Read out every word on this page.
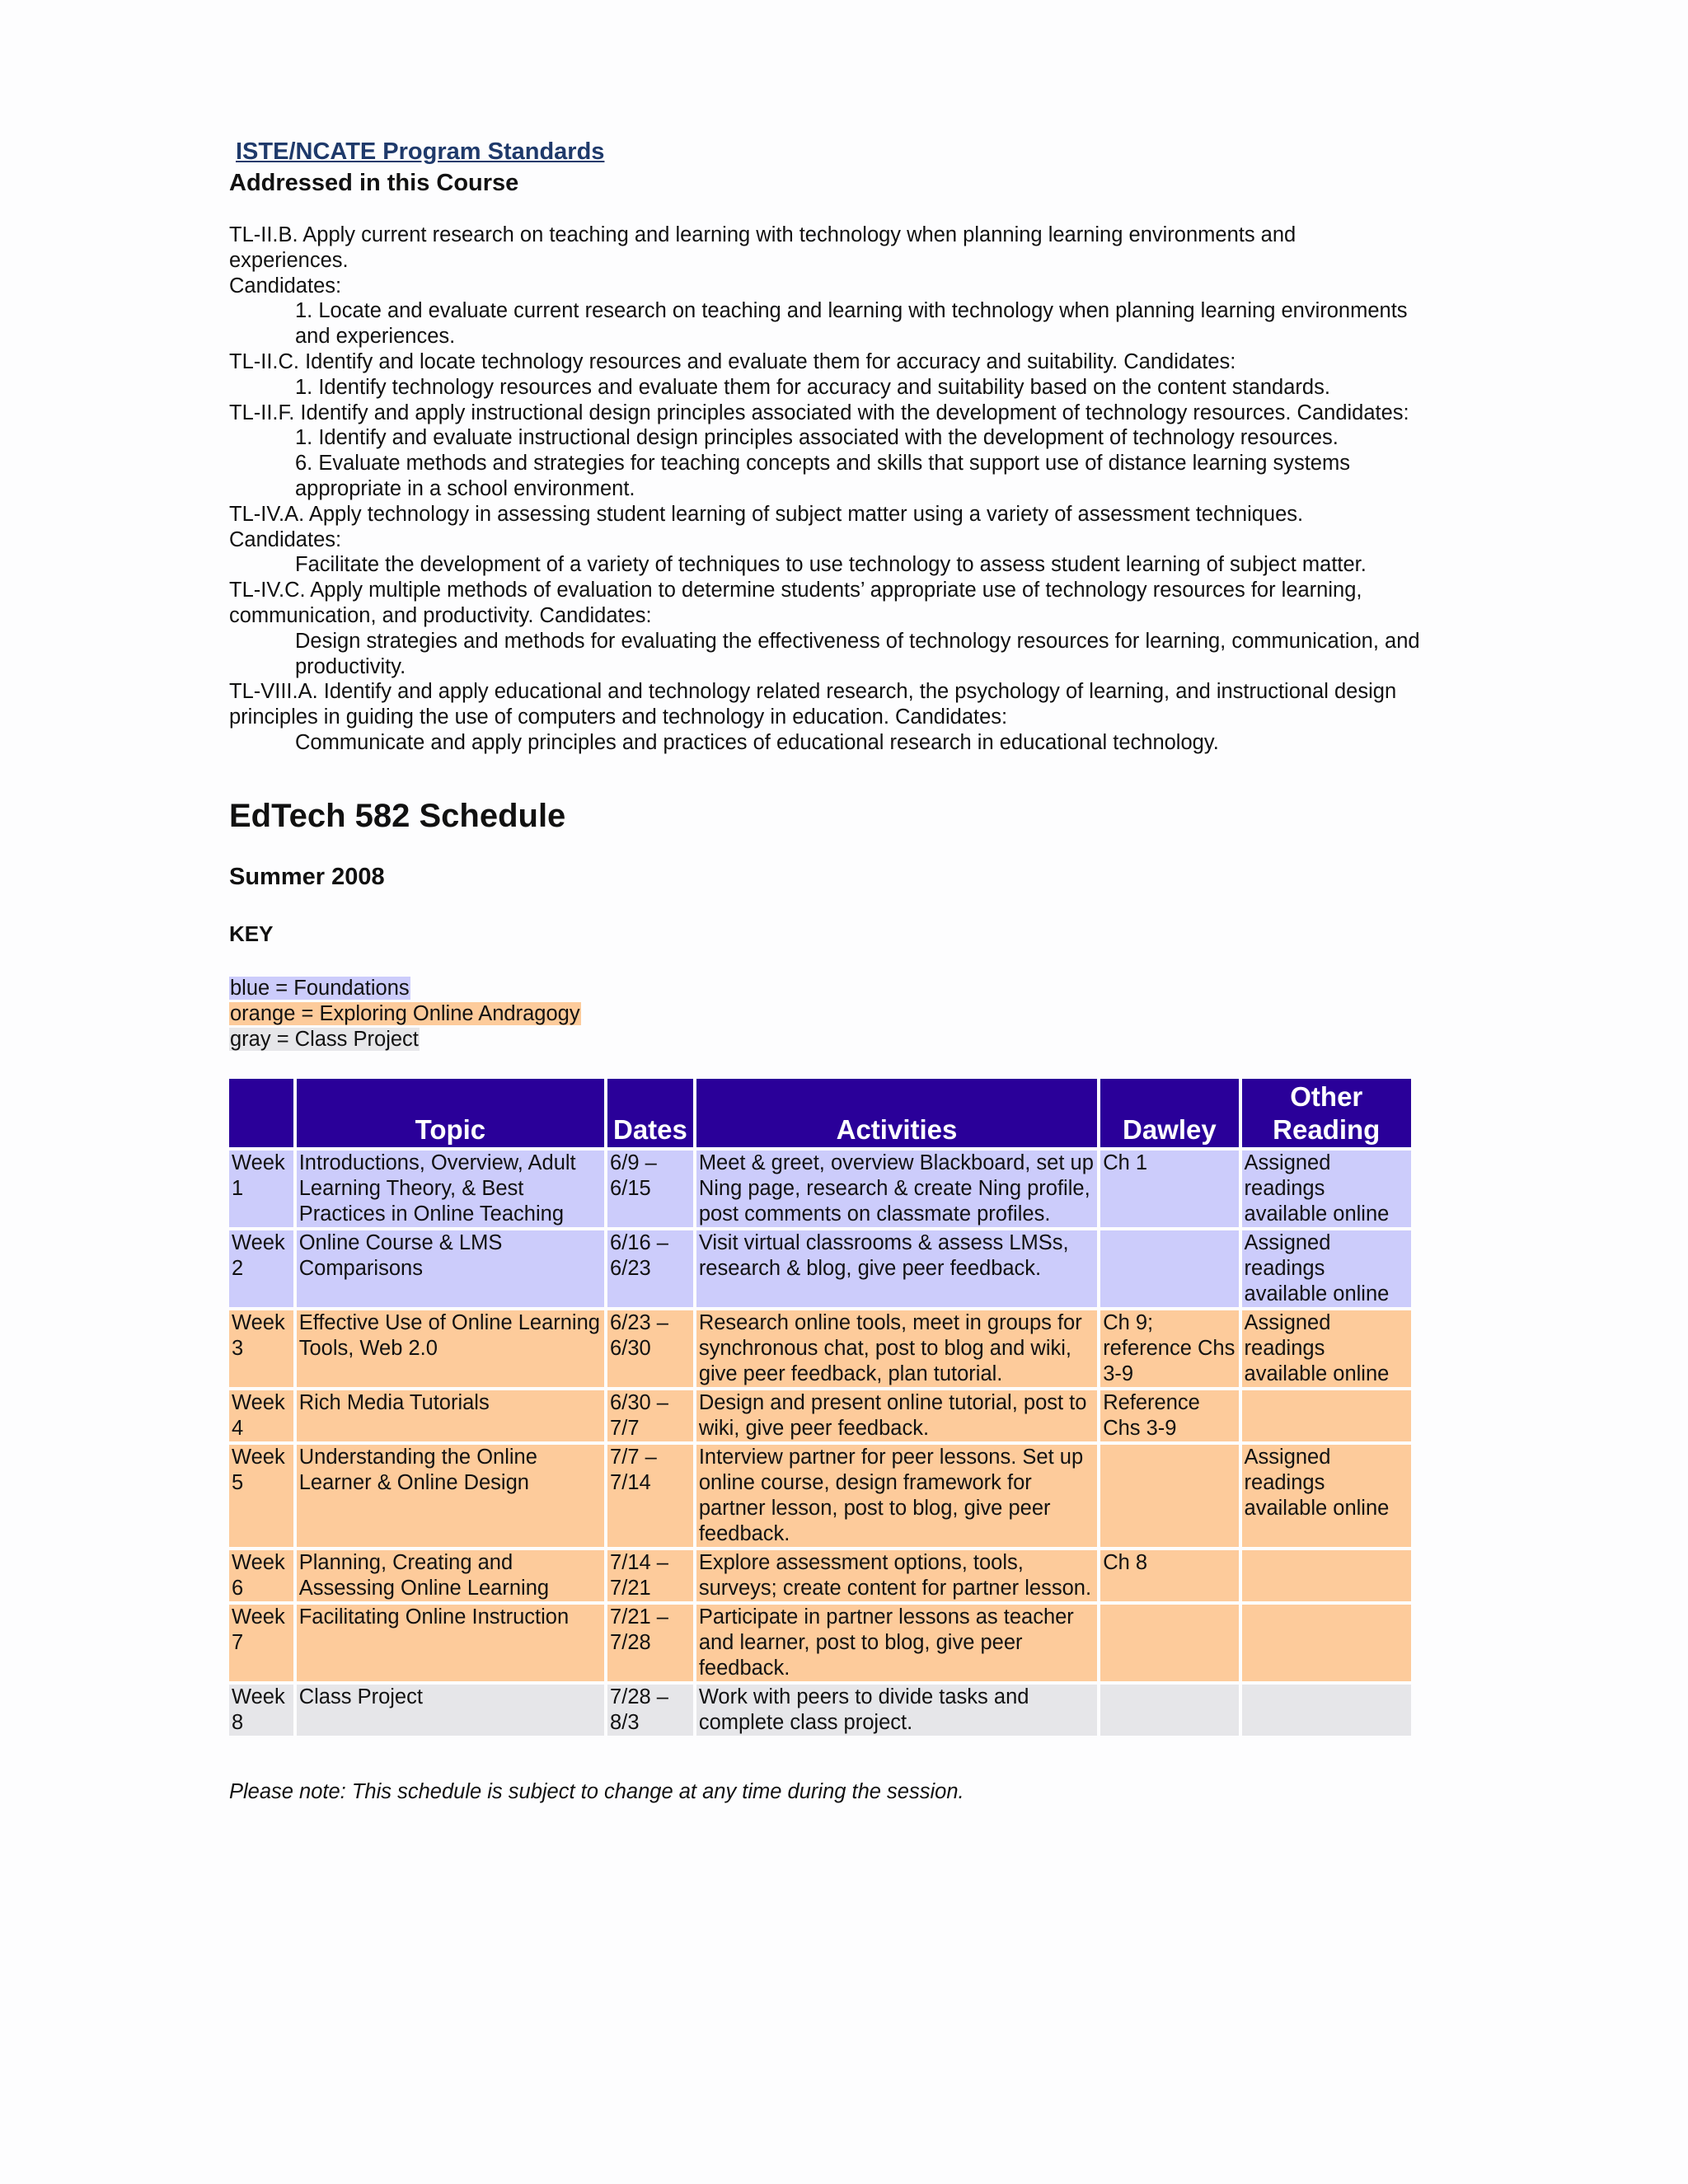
ISTE/NCATE Program Standards
Addressed in this Course

TL-II.B. Apply current research on teaching and learning with technology when planning learning environments and experiences.

Candidates:

1. Locate and evaluate current research on teaching and learning with technology when planning learning environments and experiences.

TL-II.C. Identify and locate technology resources and evaluate them for accuracy and suitability. Candidates:

1. Identify technology resources and evaluate them for accuracy and suitability based on the content standards.

TL-II.F. Identify and apply instructional design principles associated with the development of technology resources. Candidates:

1. Identify and evaluate instructional design principles associated with the development of technology resources.

6. Evaluate methods and strategies for teaching concepts and skills that support use of distance learning systems appropriate in a school environment.

TL-IV.A. Apply technology in assessing student learning of subject matter using a variety of assessment techniques. Candidates:

Facilitate the development of a variety of techniques to use technology to assess student learning of subject matter.

TL-IV.C. Apply multiple methods of evaluation to determine students’ appropriate use of technology resources for learning, communication, and productivity. Candidates:

Design strategies and methods for evaluating the effectiveness of technology resources for learning, communication, and productivity.

TL-VIII.A. Identify and apply educational and technology related research, the psychology of learning, and instructional design principles in guiding the use of computers and technology in education. Candidates:

Communicate and apply principles and practices of educational research in educational technology.

EdTech 582 Schedule
Summer 2008
KEY
blue = Foundations
orange = Exploring Online Andragogy
gray = Class Project
	Topic	Dates	Activities	Dawley	Other Reading
Week 1	Introductions, Overview, Adult Learning Theory, & Best Practices in Online Teaching	6/9 – 6/15	Meet & greet, overview Blackboard, set up Ning page, research & create Ning profile, post comments on classmate profiles.	Ch 1	Assigned readings available online
Week 2	Online Course & LMS Comparisons	6/16 – 6/23	Visit virtual classrooms & assess LMSs, research & blog, give peer feedback.		Assigned readings available online
Week 3	Effective Use of Online Learning Tools, Web 2.0	6/23 – 6/30	Research online tools, meet in groups for synchronous chat, post to blog and wiki, give peer feedback, plan tutorial.	Ch 9; reference Chs 3-9	Assigned readings available online
Week 4	Rich Media Tutorials	6/30 – 7/7	Design and present online tutorial, post to wiki, give peer feedback.	Reference Chs 3-9	
Week 5	Understanding the Online Learner & Online Design	7/7 – 7/14	Interview partner for peer lessons. Set up online course, design framework for partner lesson, post to blog, give peer feedback.		Assigned readings available online
Week 6	Planning, Creating and Assessing Online Learning	7/14 – 7/21	Explore assessment options, tools, surveys; create content for partner lesson.	Ch 8	
Week 7	Facilitating Online Instruction	7/21 – 7/28	Participate in partner lessons as teacher and learner, post to blog, give peer feedback.		
Week 8	Class Project	7/28 – 8/3	Work with peers to divide tasks and complete class project.		
Please note: This schedule is subject to change at any time during the session.
